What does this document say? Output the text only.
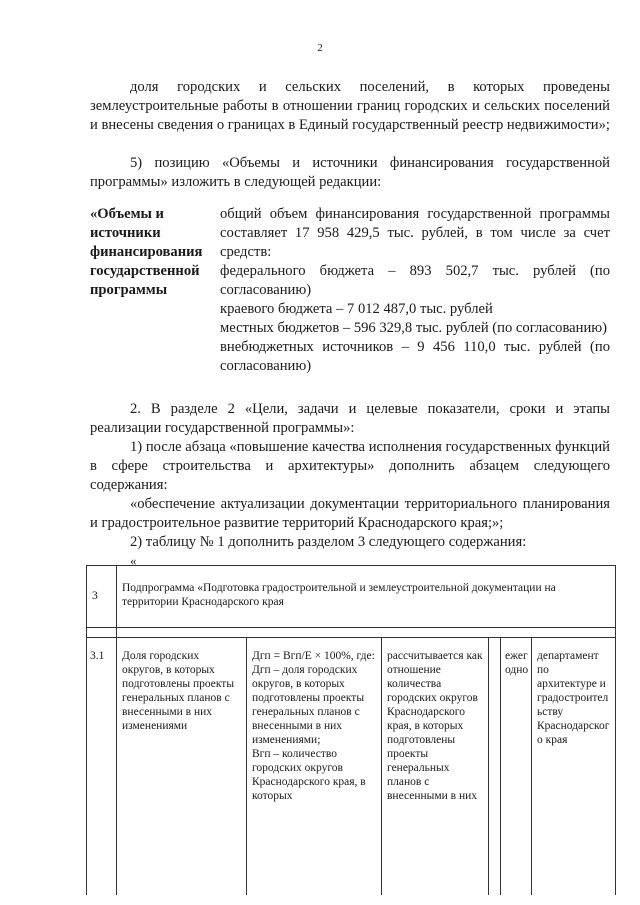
2

доля городских и сельских поселений, в которых проведены землеустроительные работы в отношении границ городских и сельских поселений и внесены сведения о границах в Единый государственный реестр недвижимости»;

5) позицию «Объемы и источники финансирования государственной программы» изложить в следующей редакции:

«Объемы и источники финансирования государственной программы

общий объем финансирования государственной программы составляет 17 958 429,5 тыс. рублей, в том числе за счет средств:

федерального бюджета – 893 502,7 тыс. рублей (по согласованию)

краевого бюджета – 7 012 487,0 тыс. рублей

местных бюджетов – 596 329,8 тыс. рублей (по согласованию)

внебюджетных источников – 9 456 110,0 тыс. рублей (по согласованию)

2. В разделе 2 «Цели, задачи и целевые показатели, сроки и этапы реализации государственной программы»:

1) после абзаца «повышение качества исполнения государственных функций в сфере строительства и архитектуры» дополнить абзацем следующего содержания:

«обеспечение актуализации документации территориального планирования и градостроительное развитие территорий Краснодарского края;»;

2) таблицу № 1 дополнить разделом 3 следующего содержания:

«
3
Подпрограмма «Подготовка градостроительной и землеустроительной документации на территории Краснодарского края
3.1	Доля городских округов, в которых подготовлены проекты генеральных планов с внесенными в них изменениями

Дгп = Вгп/Е × 100%, где:

Дгп – доля городских округов, в которых подготовлены проекты генеральных планов с внесенными в них изменениями;

Вгп – количество городских округов Краснодарского края, в которых

рассчитывается как отношение количества городских округов Краснодарского края, в которых подготовлены проекты генеральных планов с внесенными в них
ежегодно
департамент по архитектуре и градостроительству Краснодарского края
